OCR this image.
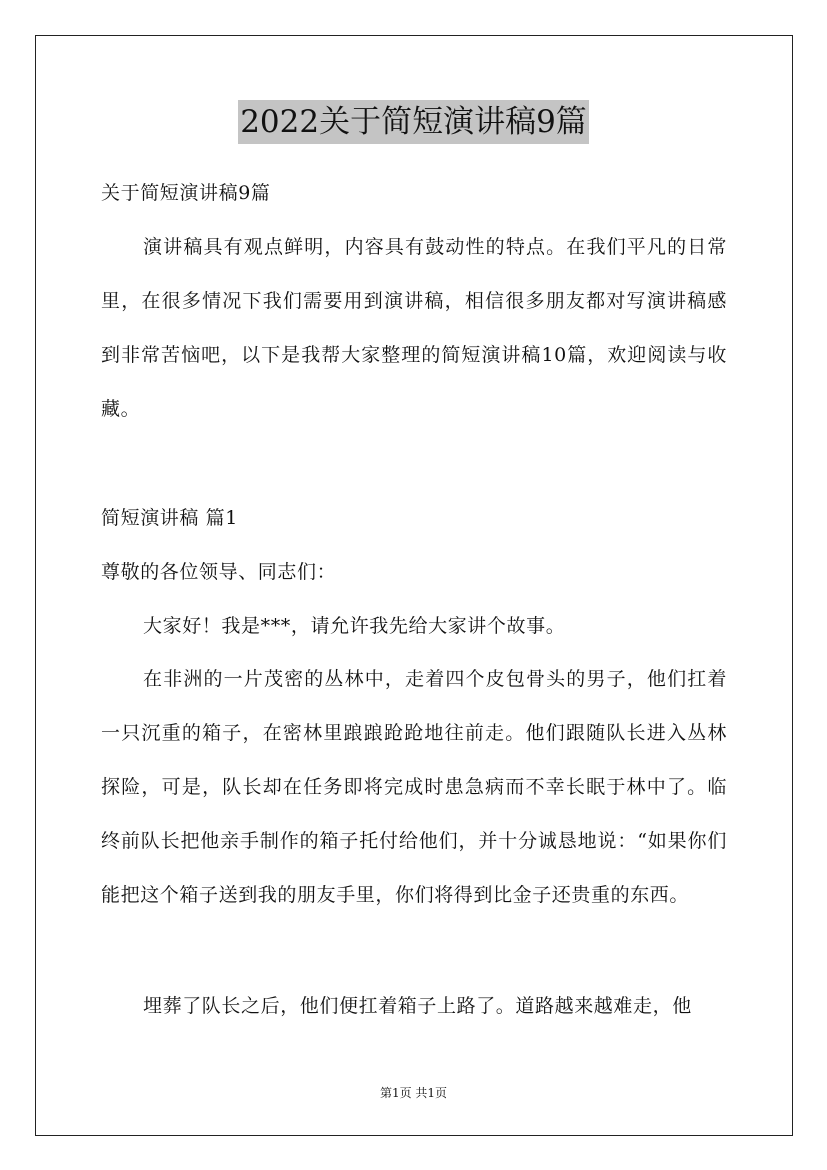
2022关于简短演讲稿9篇

关于简短演讲稿9篇

演讲稿具有观点鲜明，内容具有鼓动性的特点。在我们平凡的日常里，在很多情况下我们需要用到演讲稿，相信很多朋友都对写演讲稿感到非常苦恼吧，以下是我帮大家整理的简短演讲稿10篇，欢迎阅读与收藏。

简短演讲稿 篇1

尊敬的各位领导、同志们：

大家好！我是***，请允许我先给大家讲个故事。

在非洲的一片茂密的丛林中，走着四个皮包骨头的男子，他们扛着一只沉重的箱子，在密林里踉踉跄跄地往前走。他们跟随队长进入丛林探险，可是，队长却在任务即将完成时患急病而不幸长眠于林中了。临终前队长把他亲手制作的箱子托付给他们，并十分诚恳地说：“如果你们能把这个箱子送到我的朋友手里，你们将得到比金子还贵重的东西。

埋葬了队长之后，他们便扛着箱子上路了。道路越来越难走，他

第1页 共1页
